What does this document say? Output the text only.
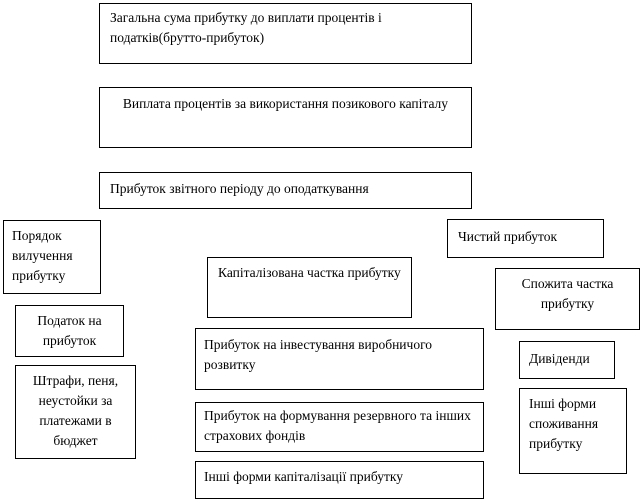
Загальна сума прибутку до виплати процентів і податків(брутто-прибуток)
Виплата процентів за використання позикового капіталу
Прибуток звітного періоду до оподаткування
Порядок вилучення прибутку
Податок на прибуток
Штрафи, пеня, неустойки за платежами в бюджет
Капіталізована частка прибутку
Прибуток на інвестування виробничого розвитку
Прибуток на формування резервного та інших страхових фондів
Інші форми капіталізації прибутку
Чистий прибуток
Спожита частка прибутку
Дивіденди
Інші форми споживання прибутку
